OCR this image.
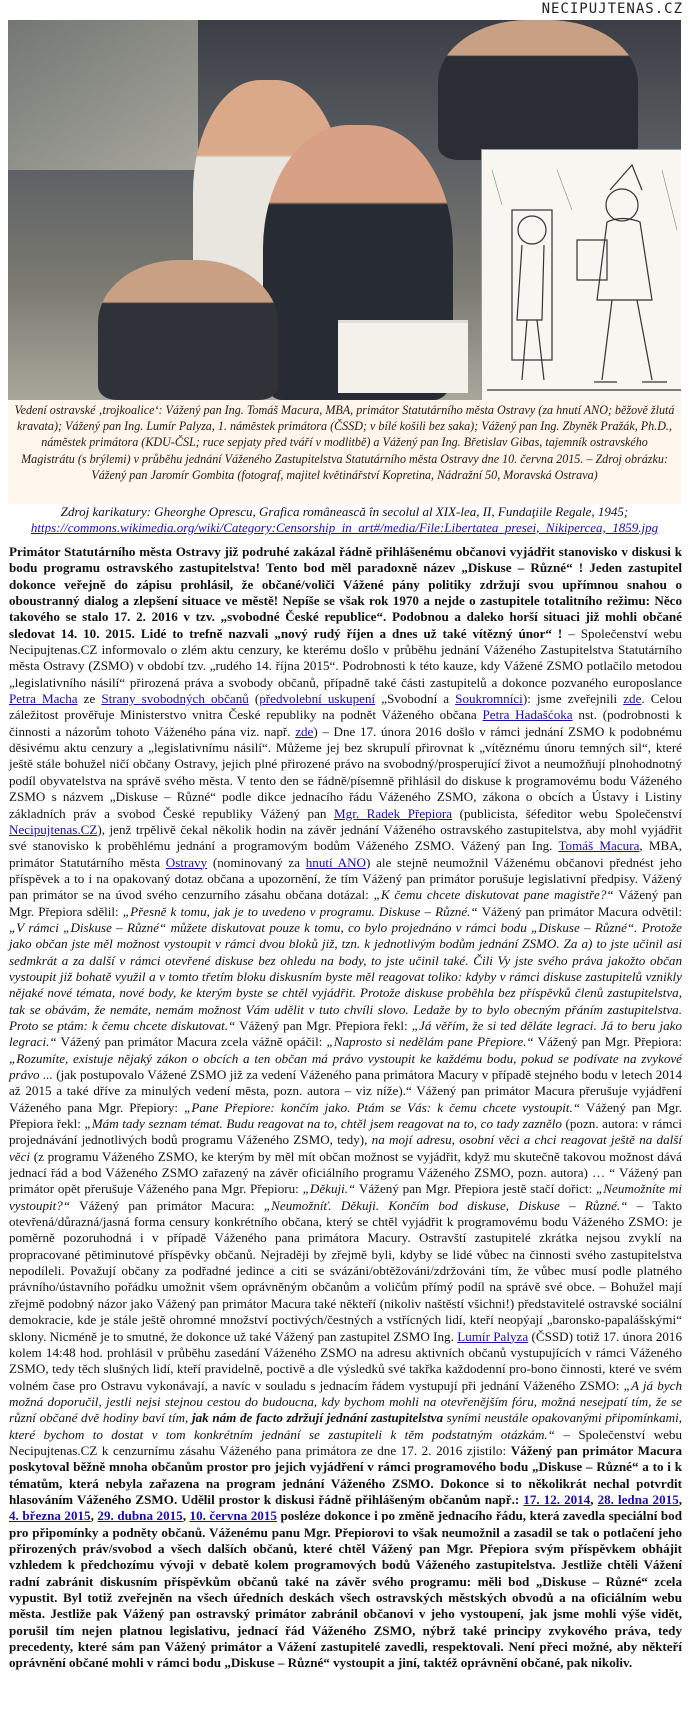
NECIPUJTENAS.CZ
Vedení ostravské ‚trojkoalice‘: Vážený pan Ing. Tomáš Macura, MBA, primátor Statutárního města Ostravy (za hnutí ANO; běžově žlutá kravata); Vážený pan Ing. Lumír Palyza, 1. náměstek primátora (ČSSD; v bílé košili bez saka); Vážený pan Ing. Zbyněk Pražák, Ph.D., náměstek primátora (KDU-ČSL; ruce sepjaty před tváří v modlitbě) a Vážený pan Ing. Břetislav Gibas, tajemník ostravského Magistrátu (s brýlemi) v průběhu jednání Váženého Zastupitelstva Statutárního města Ostravy dne 10. června 2015. – Zdroj obrázku: Vážený pan Jaromír Gombita (fotograf, majitel květinářství Kopretina, Nádražní 50, Moravská Ostrava)
Zdroj karikatury: Gheorghe Oprescu, Grafica românească în secolul al XIX-lea, II, Fundaţiile Regale, 1945;
https://commons.wikimedia.org/wiki/Category:Censorship_in_art#/media/File:Libertatea_presei,_Nikipercea,_1859.jpg
Primátor Statutárního města Ostravy již podruhé zakázal řádně přihlášenému občanovi vyjádřit stanovisko v diskusi k bodu programu ostravského zastupitelstva! Tento bod měl paradoxně název „Diskuse – Různé“ ! Jeden zastupitel dokonce veřejně do zápisu prohlásil, že občané/voliči Vážené pány politiky zdržují svou upřímnou snahou o oboustranný dialog a zlepšení situace ve městě! Nepíše se však rok 1970 a nejde o zastupitele totalitního režimu: Něco takového se stalo 17. 2. 2016 v tzv. „svobodné České republice“. Podobnou a daleko horší situaci již mohli občané sledovat 14. 10. 2015. Lidé to trefně nazvali „nový rudý říjen a dnes už také vítězný únor“ ! – Společenství webu Necipujtenas.CZ informovalo o zlém aktu cenzury, ke kterému došlo v průběhu jednání Váženého Zastupitelstva Statutárního města Ostravy (ZSMO) v období tzv. „rudého 14. října 2015“. Podrobnosti k této kauze, kdy Vážené ZSMO potlačilo metodou „legislativního násilí“ přirozená práva a svobody občanů, případně také části zastupitelů a dokonce pozvaného europoslance Petra Macha ze Strany svobodných občanů (předvolební uskupení „Svobodní a Soukromníci): jsme zveřejnili zde. Celou záležitost prověřuje Ministerstvo vnitra České republiky na podnět Váženého občana Petra Hadašćoka nst. (podrobnosti k činnosti a názorům tohoto Váženého pána viz. např. zde) – Dne 17. února 2016 došlo v rámci jednání ZSMO k podobnému děsivému aktu cenzury a „legislativnímu násilí“. Můžeme jej bez skrupulí přirovnat k „vítěznému únoru temných sil“, které ještě stále bohužel ničí občany Ostravy, jejich plné přirozené právo na svobodný/prosperující život a neumožňují plnohodnotný podíl obyvatelstva na správě svého města. V tento den se řádně/písemně přihlásil do diskuse k programovému bodu Váženého ZSMO s názvem „Diskuse – Různé“ podle dikce jednacího řádu Váženého ZSMO, zákona o obcích a Ústavy i Listiny základních práv a svobod České republiky Vážený pan Mgr. Radek Přepiora (publicista, šéfeditor webu Společenství Necipujtenas.CZ), jenž trpělivě čekal několik hodin na závěr jednání Váženého ostravského zastupitelstva, aby mohl vyjádřit své stanovisko k proběhlému jednání a programovým bodům Váženého ZSMO. Vážený pan Ing. Tomáš Macura, MBA, primátor Statutárního města Ostravy (nominovaný za hnutí ANO) ale stejně neumožnil Váženému občanovi přednést jeho příspěvek a to i na opakovaný dotaz občana a upozornění, že tím Vážený pan primátor porušuje legislativní předpisy. Vážený pan primátor se na úvod svého cenzurního zásahu občana dotázal: „K čemu chcete diskutovat pane magistře?“ Vážený pan Mgr. Přepiora sdělil: „Přesně k tomu, jak je to uvedeno v programu. Diskuse – Různé.“ Vážený pan primátor Macura odvětil: „V rámci „Diskuse – Různé“ můžete diskutovat pouze k tomu, co bylo projednáno v rámci bodu „Diskuse – Různé“. Protože jako občan jste měl možnost vystoupit v rámci dvou bloků již, tzn. k jednotlivým bodům jednání ZSMO. Za a) to jste učinil asi sedmkrát a za další v rámci otevřené diskuse bez ohledu na body, to jste učinil také. Čili Vy jste svého práva jakožto občan vystoupit již bohatě využil a v tomto třetím bloku diskusním byste měl reagovat toliko: kdyby v rámci diskuse zastupitelů vznikly nějaké nové témata, nové body, ke kterým byste se chtěl vyjádřit. Protože diskuse proběhla bez příspěvků členů zastupitelstva, tak se obávám, že nemáte, nemám možnost Vám udělit v tuto chvíli slovo. Ledaže by to bylo obecným přáním zastupitelstva. Proto se ptám: k čemu chcete diskutovat.“ Vážený pan Mgr. Přepiora řekl: „Já věřím, že si ted děláte legraci. Já to beru jako legraci.“ Vážený pan primátor Macura zcela vážně opáčil: „Naprosto si nedělám pane Přepiore.“ Vážený pan Mgr. Přepiora: „Rozumíte, existuje nějaký zákon o obcích a ten občan má právo vystoupit ke každému bodu, pokud se podívate na zvykové právo ... (jak postupovalo Vážené ZSMO již za vedení Váženého pana primátora Macury v případě stejného bodu v letech 2014 až 2015 a také dříve za minulých vedení města, pozn. autora – viz níže).“ Vážený pan primátor Macura přerušuje vyjádření Váženého pana Mgr. Přepiory: „Pane Přepiore: končím jako. Ptám se Vás: k čemu chcete vystoupit.“ Vážený pan Mgr. Přepiora řekl: „Mám tady seznam témat. Budu reagovat na to, chtěl jsem reagovat na to, co tady zaznělo (pozn. autora: v rámci projednávání jednotlivých bodů programu Váženého ZSMO, tedy), na mojí adresu, osobní věci a chci reagovat ještě na další věci (z programu Váženého ZSMO, ke kterým by měl mít občan možnost se vyjádřit, když mu skutečně takovou možnost dává jednací řád a bod Váženého ZSMO zařazený na závěr oficiálního programu Váženého ZSMO, pozn. autora) … “ Vážený pan primátor opět přerušuje Váženého pana Mgr. Přepioru: „Děkuji.“ Vážený pan Mgr. Přepiora jestě stačí dořict: „Neumožníte mi vystoupit?“ Vážený pan primátor Macura: „Neumožníť. Děkuji. Končím bod diskuse, Diskuse – Různé.“ – Takto otevřená/důrazná/jasná forma censury konkrétního občana, který se chtěl vyjádřit k programovému bodu Váženého ZSMO: je poměrně pozoruhodná i v případě Váženého pana primátora Macury. Ostravští zastupitelé zkrátka nejsou zvyklí na propracované pětiminutové příspěvky občanů. Nejraději by zřejmě byli, kdyby se lidé vůbec na činnosti svého zastupitelstva nepodíleli. Považují občany za podřadné jedince a citi se svázáni/obtěžováni/zdržováni tím, že vůbec musí podle platného právního/ústavního pořádku umožnit všem oprávněným občanům a voličům přímý podíl na správě své obce. – Bohužel mají zřejmě podobný názor jako Vážený pan primátor Macura také někteří (nikoliv naštěstí všichni!) představitelé ostravské sociální demokracie, kde je stále ještě ohromné množství poctivých/čestných a vstřícných lidí, kteří neopýají „baronsko-papalášskými“ sklony. Nicméně je to smutné, že dokonce už také Vážený pan zastupitel ZSMO Ing. Lumír Palyza (ČSSD) totiž 17. února 2016 kolem 14:48 hod. prohlásil v průběhu zasedání Váženého ZSMO na adresu aktivních občanů vystupujících v rámci Váženého ZSMO, tedy těch slušných lidí, kteří pravidelně, poctivě a dle výsledků své takřka každodenní pro-bono činnosti, které ve svém volném čase pro Ostravu vykonávají, a navíc v souladu s jednacím řádem vystupují při jednání Váženého ZSMO: „A já bych možná doporučil, jestli nejsi stejnou cestou do budoucna, kdy bychom mohli na otevřenějším fóru, možná nesejpatí tím, že se různí občané dvě hodiny baví tím, jak nám de facto zdržují jednání zastupitelstva syními neustále opakovanými připomínkami, které bychom to dostat v tom konkrétním jednání se zastupiteli k těm podstatným otázkám.“ – Společenství webu Necipujtenas.CZ k cenzurnímu zásahu Váženého pana primátora ze dne 17. 2. 2016 zjistilo: Vážený pan primátor Macura poskytoval běžně mnoha občanům prostor pro jejich vyjádření v rámci programového bodu „Diskuse – Různé“ a to i k tématům, která nebyla zařazena na program jednání Váženého ZSMO. Dokonce si to několikrát nechal potvrdit hlasováním Váženého ZSMO. Udělil prostor k diskusi řádně přihlášeným občanům např.: 17. 12. 2014, 28. ledna 2015, 4. března 2015, 29. dubna 2015, 10. června 2015 posléze dokonce i po změně jednacího řádu, která zavedla speciální bod pro připomínky a podněty občanů. Váženému panu Mgr. Přepiorovi to však neumožnil a zasadil se tak o potlačení jeho přirozených práv/svobod a všech dalších občanů, které chtěl Vážený pan Mgr. Přepiora svým příspěvkem obhájit vzhledem k předchozímu vývoji v debatě kolem programových bodů Váženého zastupitelstva. Jestliže chtěli Vážení radní zabránit diskusním příspěvkům občanů také na závěr svého programu: měli bod „Diskuse – Různé“ zcela vypustit. Byl totiž zveřejněn na všech úředních deskách všech ostravských městských obvodů a na oficiálním webu města. Jestliže pak Vážený pan ostravský primátor zabránil občanovi v jeho vystoupení, jak jsme mohli výše vidět, porušil tím nejen platnou legislativu, jednací řád Váženého ZSMO, nýbrž také principy zvykového práva, tedy precedenty, které sám pan Vážený primátor a Vážení zastupitelé zavedli, respektovali. Není přeci možné, aby někteří oprávnění občané mohli v rámci bodu „Diskuse – Různé“ vystoupit a jiní, taktéž oprávnění občané, pak nikoliv.
